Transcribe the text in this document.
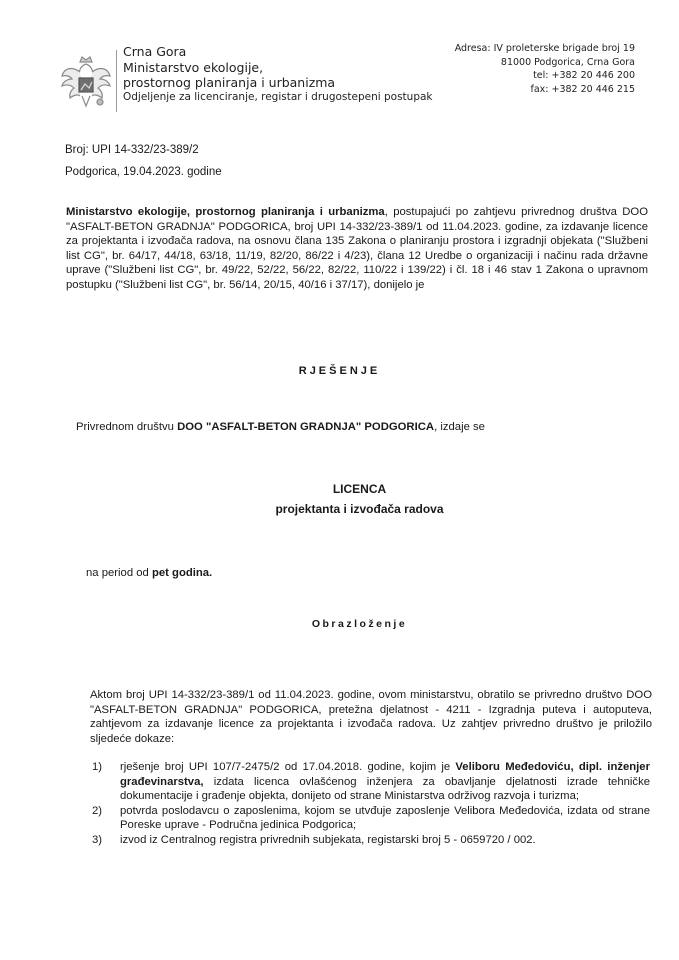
Crna Gora
Ministarstvo ekologije,
prostornog planiranja i urbanizma
Odjeljenje za licenciranje, registar i drugostepeni postupak
Adresa: IV proleterske brigade broj 19
81000 Podgorica, Crna Gora
tel: +382 20 446 200
fax: +382 20 446 215
Broj: UPI 14-332/23-389/2
Podgorica, 19.04.2023. godine
Ministarstvo ekologije, prostornog planiranja i urbanizma, postupajući po zahtjevu privrednog društva DOO "ASFALT-BETON GRADNJA" PODGORICA, broj UPI 14-332/23-389/1 od 11.04.2023. godine, za izdavanje licence za projektanta i izvođača radova, na osnovu člana 135 Zakona o planiranju prostora i izgradnji objekata ("Službeni list CG", br. 64/17, 44/18, 63/18, 11/19, 82/20, 86/22 i 4/23), člana 12 Uredbe o organizaciji i načinu rada državne uprave ("Službeni list CG", br. 49/22, 52/22, 56/22, 82/22, 110/22 i 139/22) i čl. 18 i 46 stav 1 Zakona o upravnom postupku ("Službeni list CG", br. 56/14, 20/15, 40/16 i 37/17), donijelo je
RJEŠENJE
Privrednom društvu DOO "ASFALT-BETON GRADNJA" PODGORICA, izdaje se
LICENCA
projektanta i izvođača radova
na period od pet godina.
Obrazloženje
Aktom broj UPI 14-332/23-389/1 od 11.04.2023. godine, ovom ministarstvu, obratilo se privredno društvo DOO "ASFALT-BETON GRADNJA" PODGORICA, pretežna djelatnost - 4211 - Izgradnja puteva i autoputeva, zahtjevom za izdavanje licence za projektanta i izvođača radova. Uz zahtjev privredno društvo je priložilo sljedeće dokaze:
1)	rješenje broj UPI 107/7-2475/2 od 17.04.2018. godine, kojim je Veliboru Međedoviću, dipl. inženjer građevinarstva, izdata licenca ovlašćenog inženjera za obavljanje djelatnosti izrade tehničke dokumentacije i građenje objekta, donijeto od strane Ministarstva održivog razvoja i turizma;
2)	potvrda poslodavcu o zaposlenima, kojom se utvđuje zaposlenje Velibora Međedovića, izdata od strane Poreske uprave - Područna jedinica Podgorica;
3)	izvod iz Centralnog registra privrednih subjekata, registarski broj 5 - 0659720 / 002.
